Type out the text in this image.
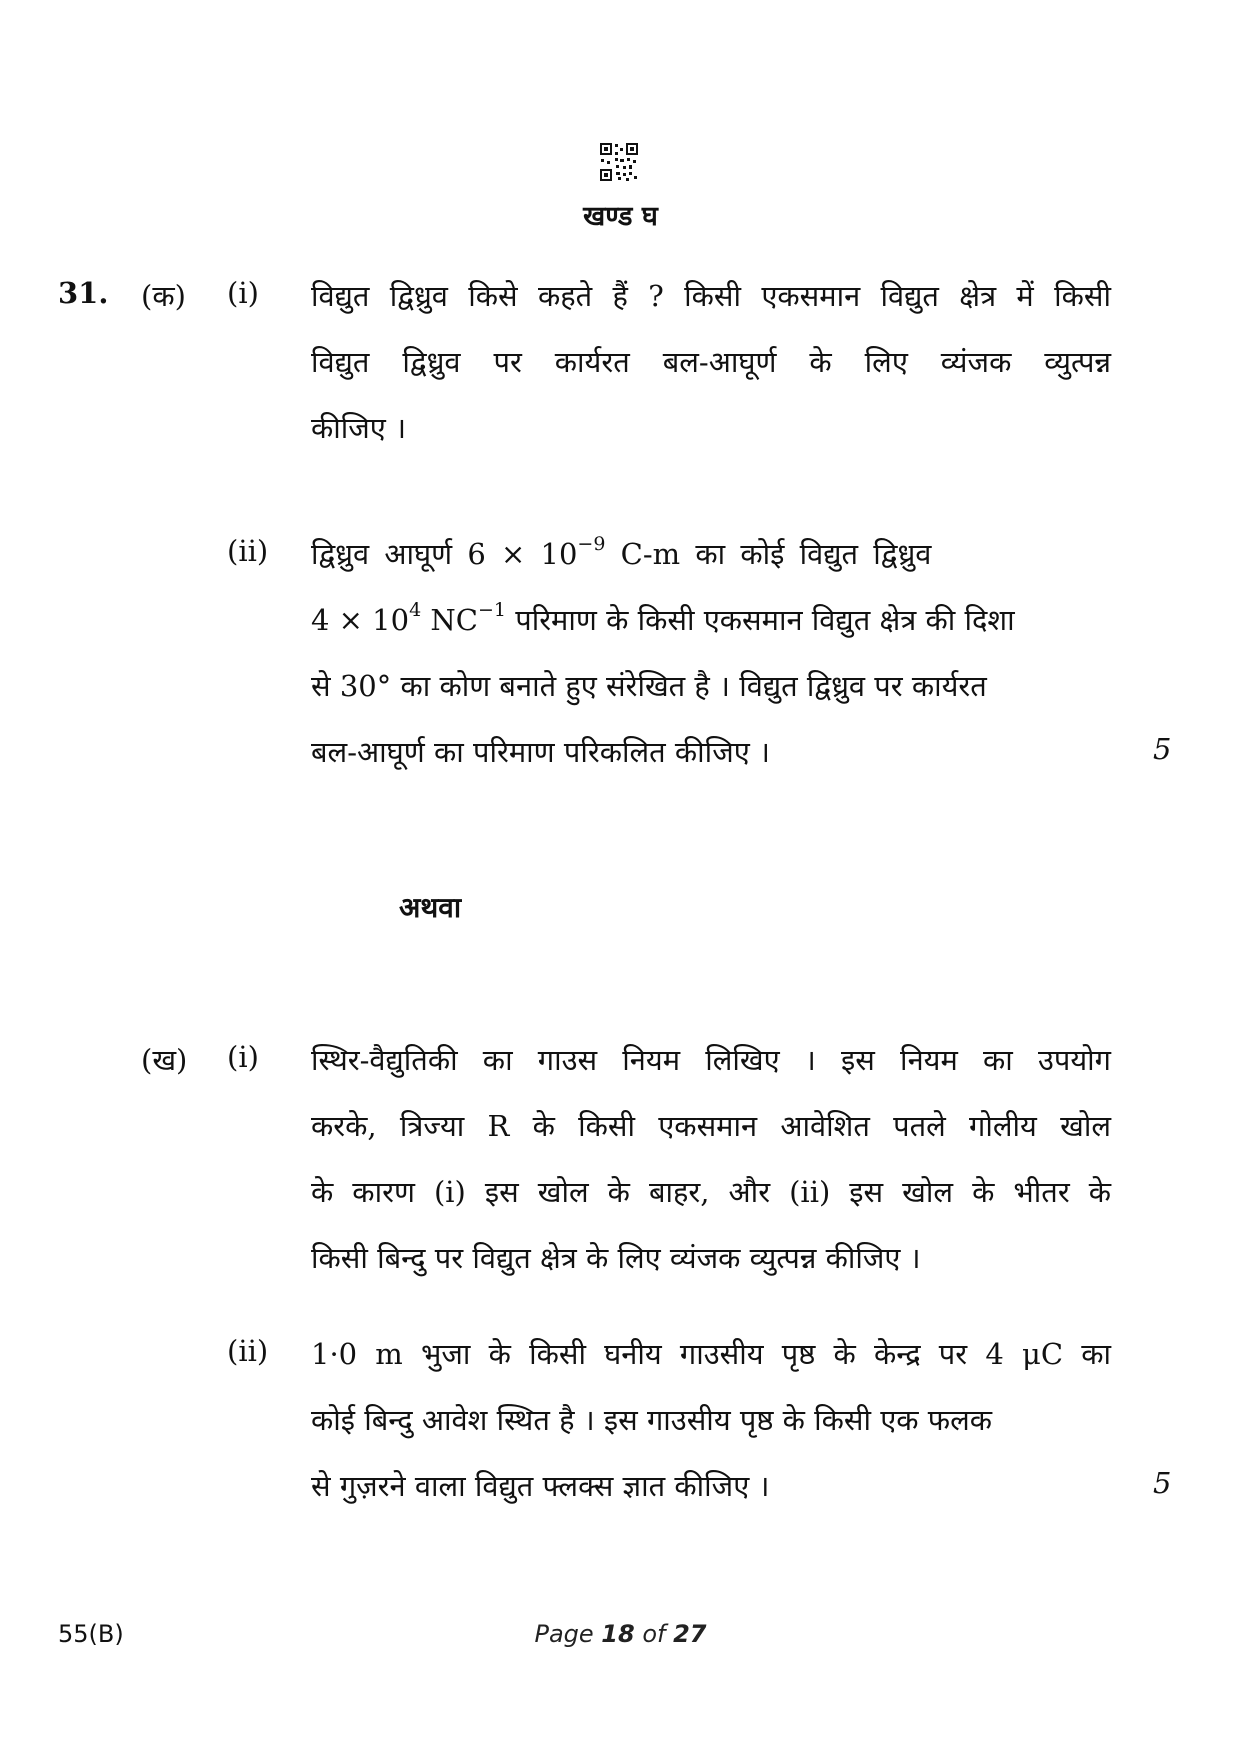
खण्ड घ
31. (क) (i) विद्युत द्विध्रुव किसे कहते हैं ? किसी एकसमान विद्युत क्षेत्र में किसी
विद्युत द्विध्रुव पर कार्यरत बल-आघूर्ण के लिए व्यंजक व्युत्पन्न
कीजिए ।
(ii) द्विध्रुव आघूर्ण $6 \times 10^{-9}$ C-m का कोई विद्युत द्विध्रुव
$4 \times 10^4$ $NC^{-1}$ परिमाण के किसी एकसमान विद्युत क्षेत्र की दिशा
से 30° का कोण बनाते हुए संरेखित है । विद्युत द्विध्रुव पर कार्यरत
बल-आघूर्ण का परिमाण परिकलित कीजिए ।	5
अथवा
(ख) (i) स्थिर-वैद्युतिकी का गाउस नियम लिखिए । इस नियम का उपयोग
करके, त्रिज्या R के किसी एकसमान आवेशित पतले गोलीय खोल
के कारण (i) इस खोल के बाहर, और (ii) इस खोल के भीतर के
किसी बिन्दु पर विद्युत क्षेत्र के लिए व्यंजक व्युत्पन्न कीजिए ।
(ii) 1·0 m भुजा के किसी घनीय गाउसीय पृष्ठ के केन्द्र पर 4 μC का
कोई बिन्दु आवेश स्थित है । इस गाउसीय पृष्ठ के किसी एक फलक
से गुज़रने वाला विद्युत फ्लक्स ज्ञात कीजिए ।	5
55(B)	Page 18 of 27
